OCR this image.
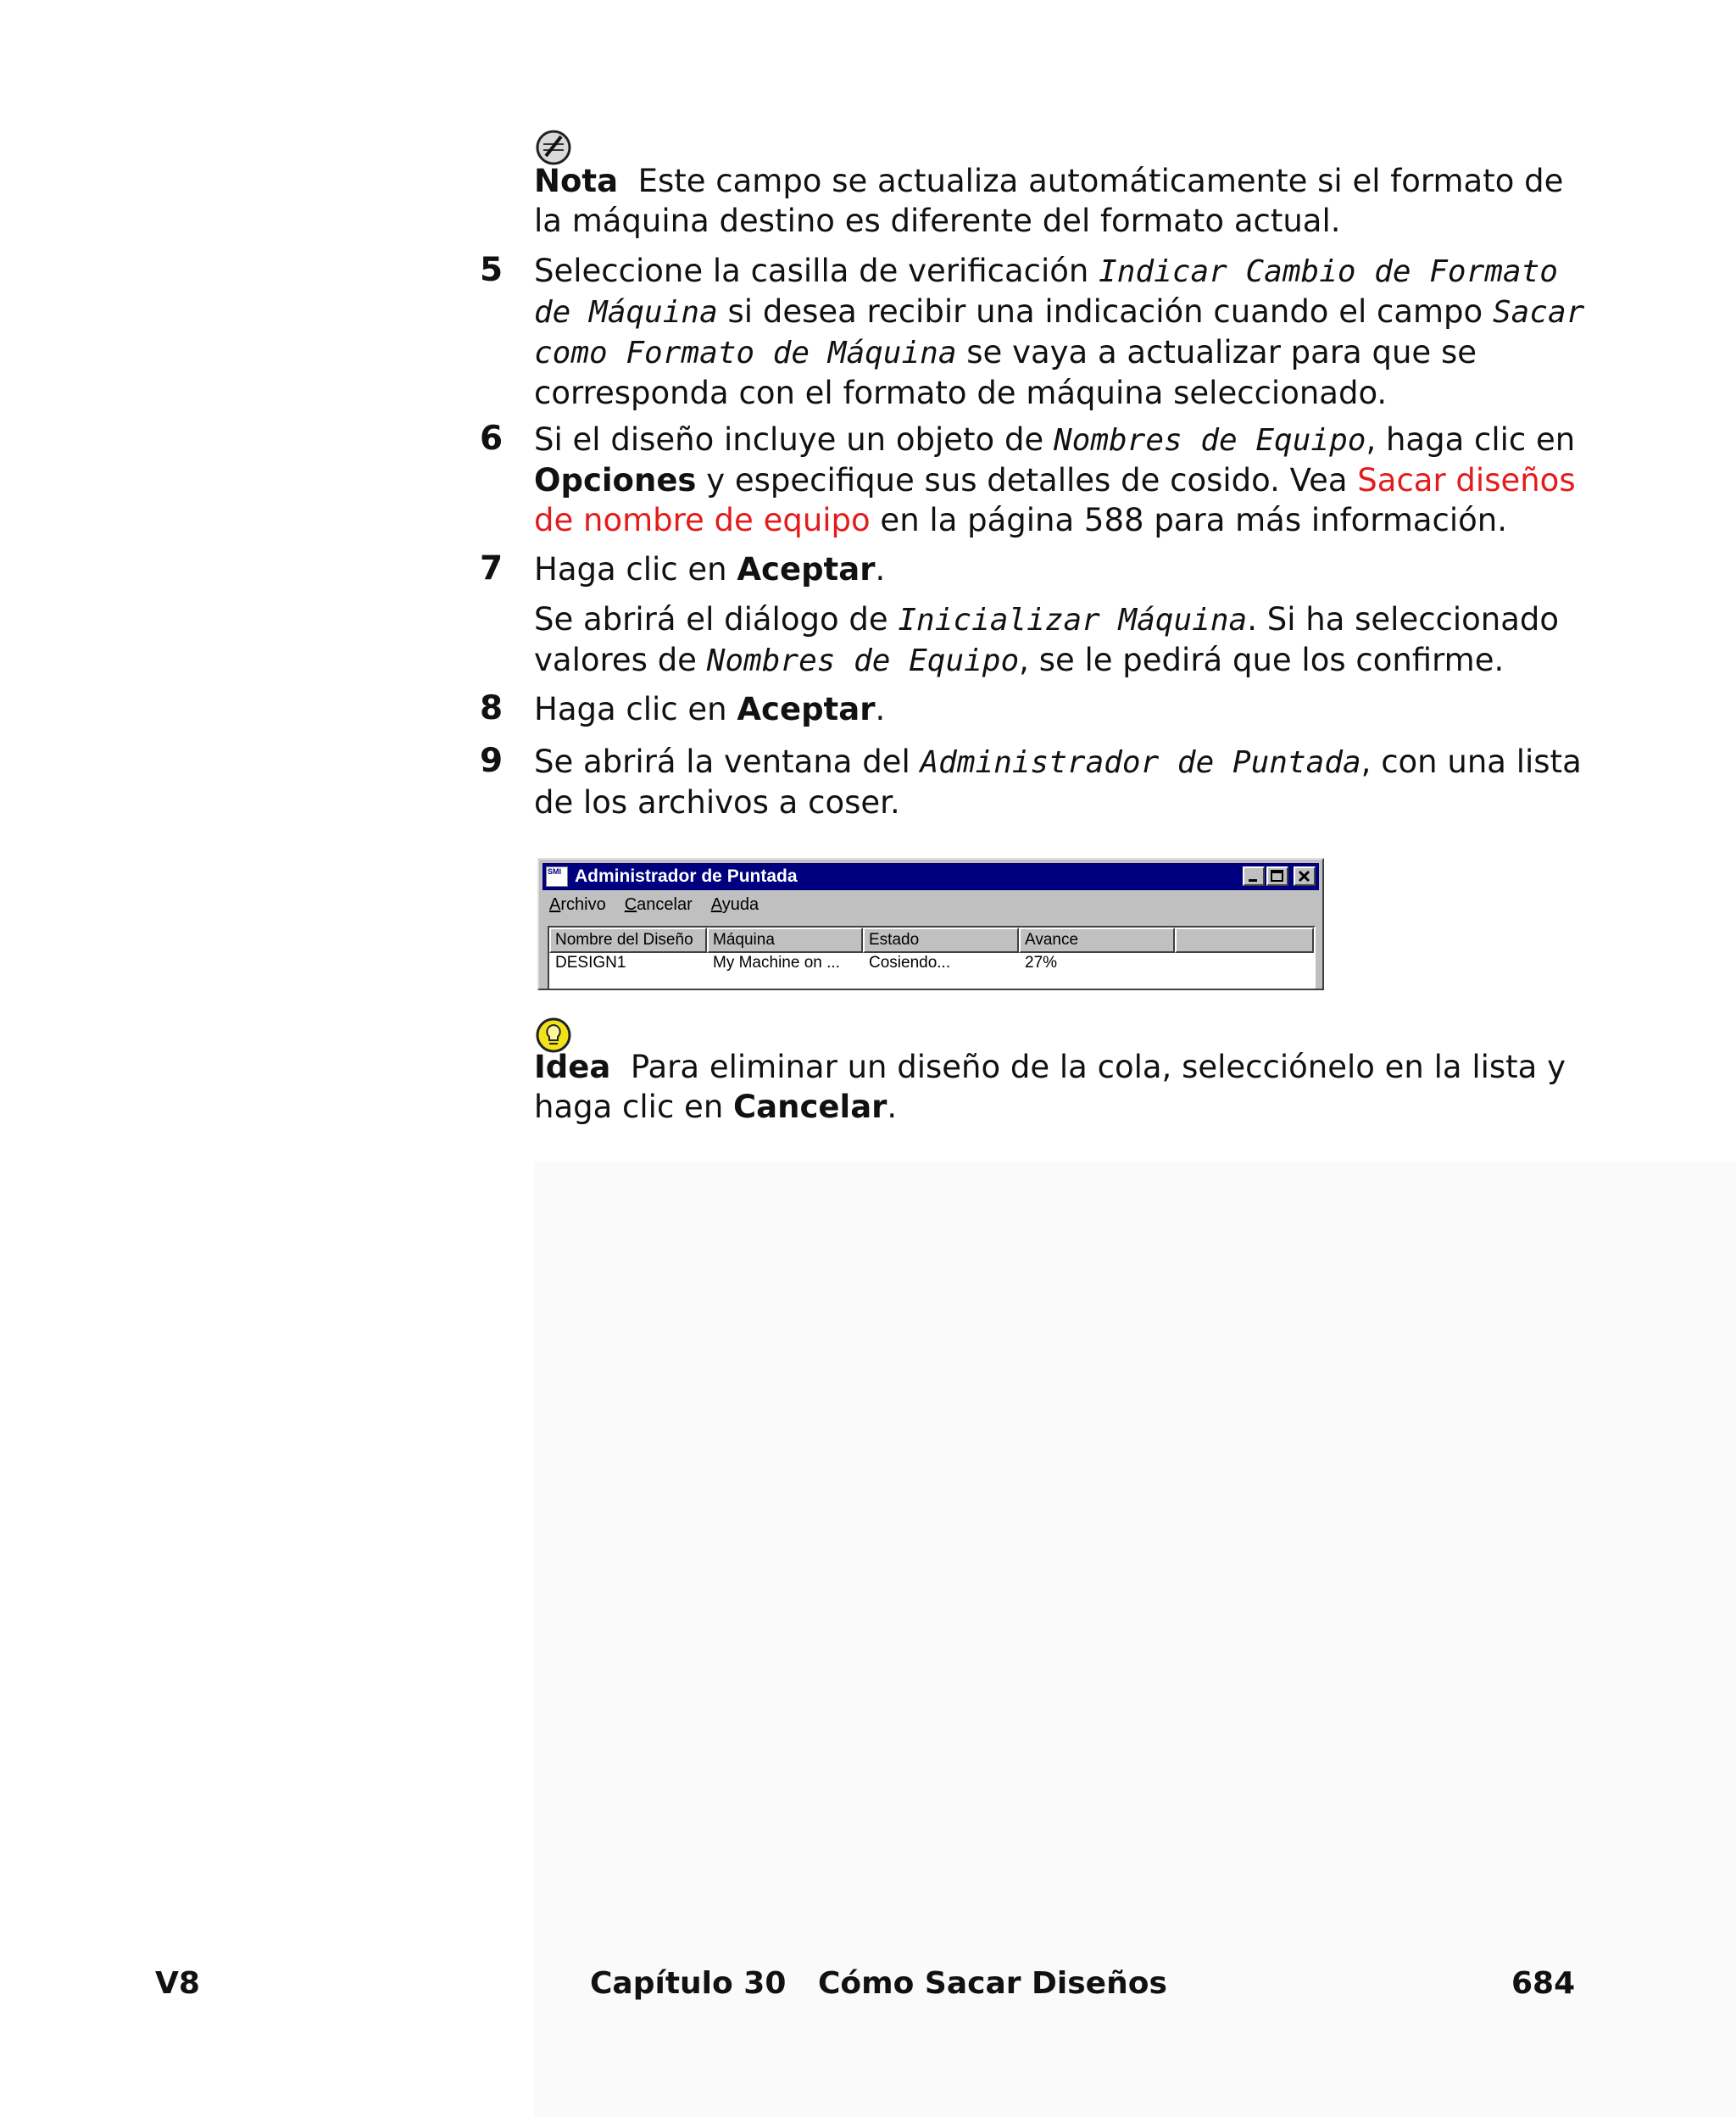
Nota Este campo se actualiza automáticamente si el formato de la máquina destino es diferente del formato actual.
5 Seleccione la casilla de verificación Indicar Cambio de Formato de Máquina si desea recibir una indicación cuando el campo Sacar como Formato de Máquina se vaya a actualizar para que se corresponda con el formato de máquina seleccionado.
6 Si el diseño incluye un objeto de Nombres de Equipo, haga clic en Opciones y especifique sus detalles de cosido. Vea Sacar diseños de nombre de equipo en la página 588 para más información.
7 Haga clic en Aceptar.
Se abrirá el diálogo de Inicializar Máquina. Si ha seleccionado valores de Nombres de Equipo, se le pedirá que los confirme.
8 Haga clic en Aceptar.
9 Se abrirá la ventana del Administrador de Puntada, con una lista de los archivos a coser.
SMI Administrador de Puntada
Archivo Cancelar Ayuda
Nombre del Diseño	Máquina	Estado	Avance
DESIGN1	My Machine on ...	Cosiendo...	27%
Idea Para eliminar un diseño de la cola, selecciónelo en la lista y haga clic en Cancelar.
V8	Capítulo 30   Cómo Sacar Diseños	684
